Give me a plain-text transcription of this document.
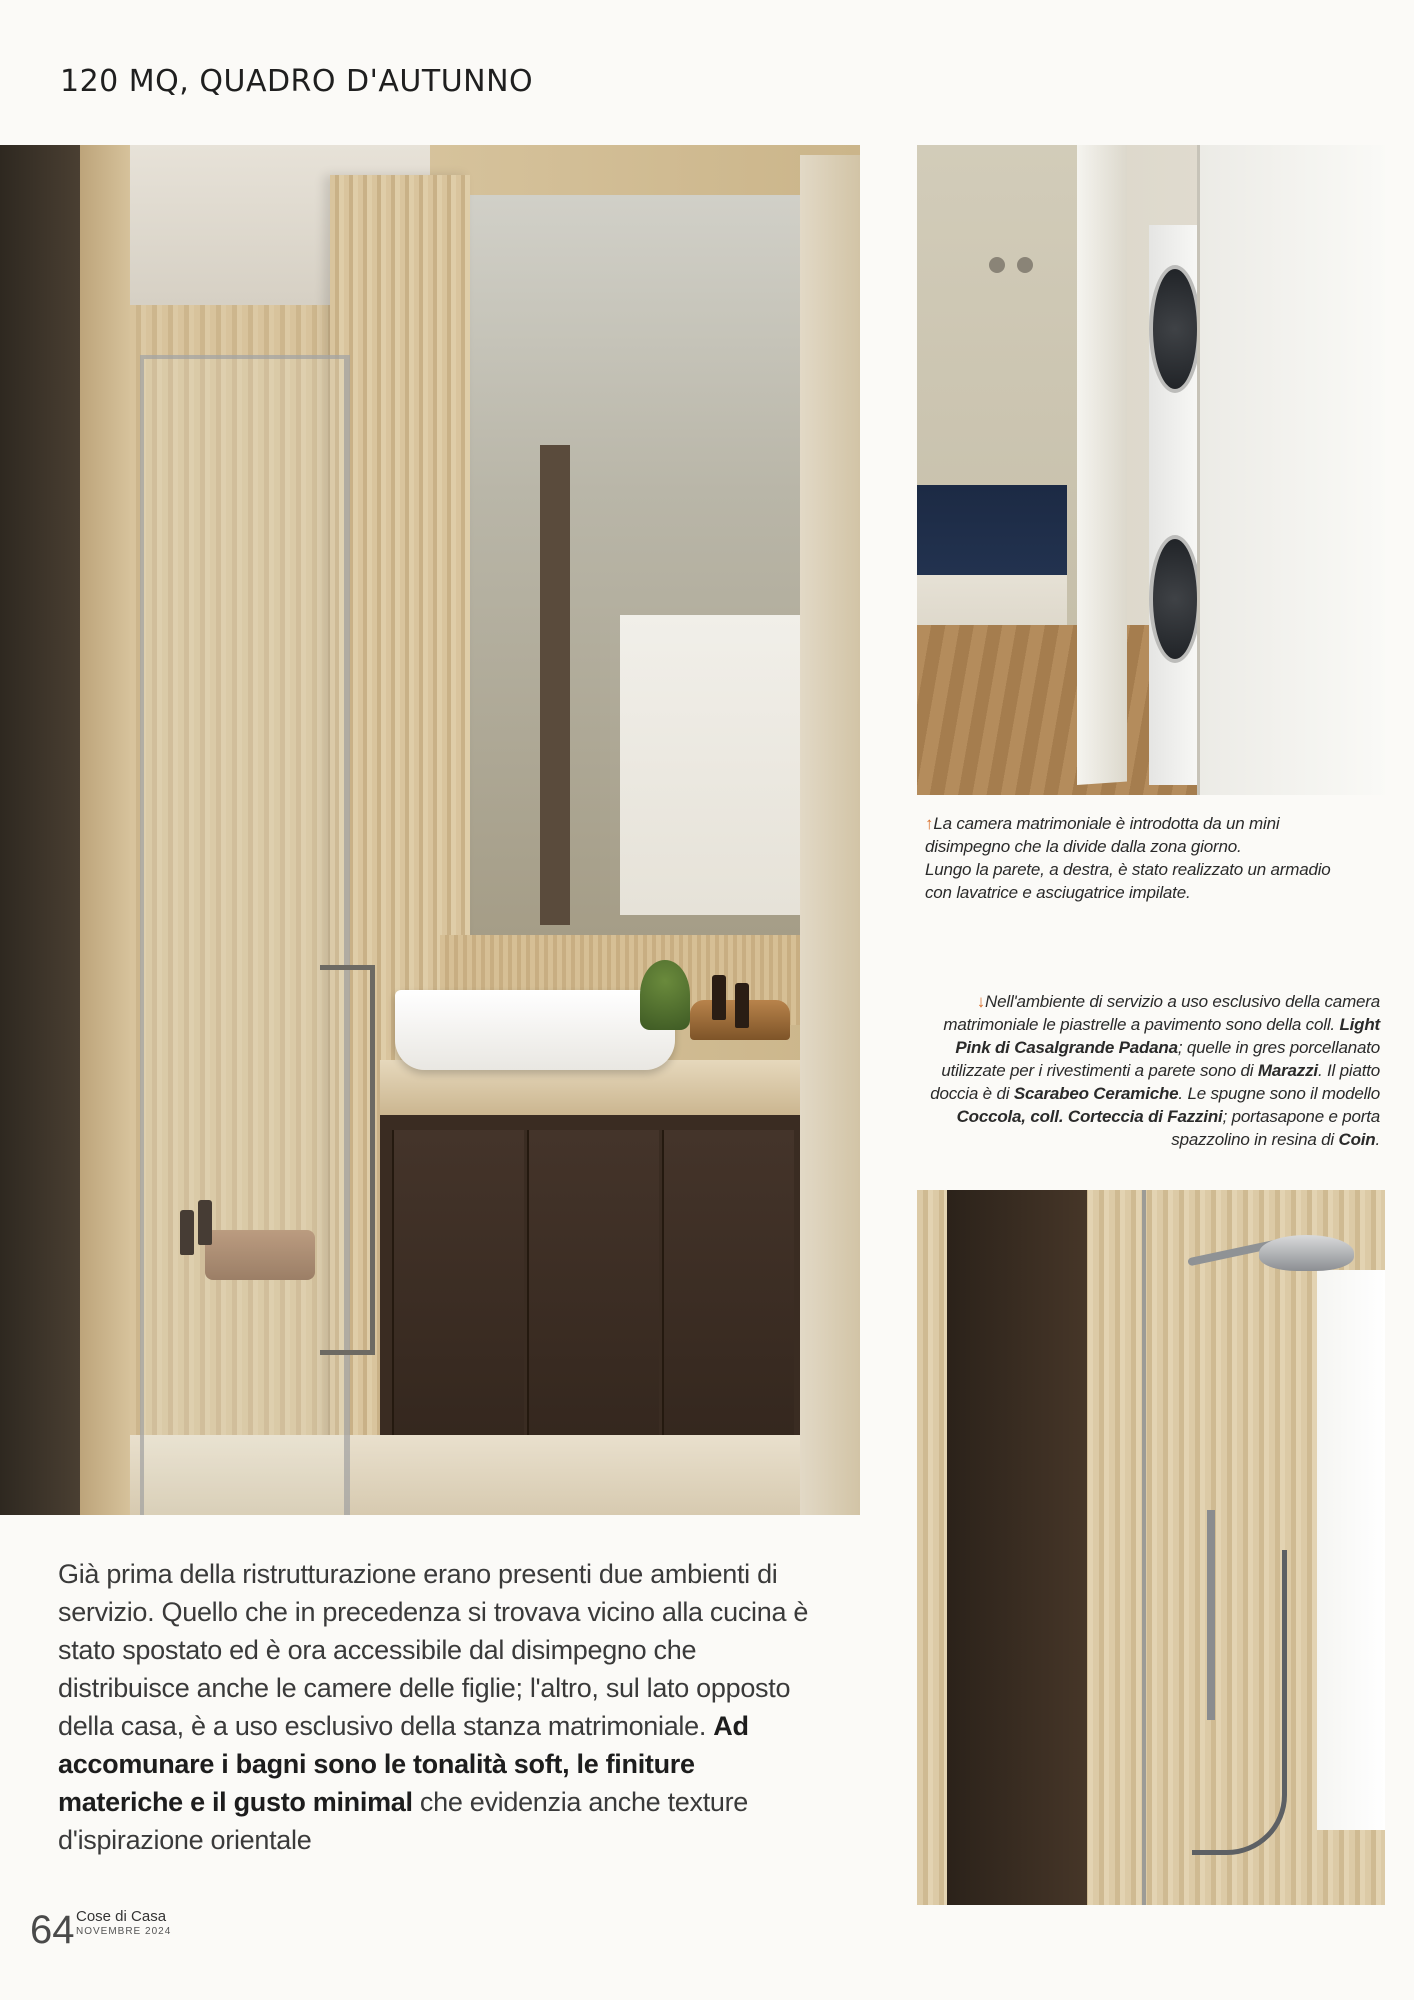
120 MQ, QUADRO D'AUTUNNO
↑La camera matrimoniale è introdotta da un mini
disimpegno che la divide dalla zona giorno.
Lungo la parete, a destra, è stato realizzato un armadio
con lavatrice e asciugatrice impilate.
↓Nell'ambiente di servizio a uso esclusivo della camera matrimoniale le piastrelle a pavimento sono della coll. Light Pink di Casalgrande Padana; quelle in gres porcellanato utilizzate per i rivestimenti a parete sono di Marazzi. Il piatto doccia è di Scarabeo Ceramiche. Le spugne sono il modello Coccola, coll. Corteccia di Fazzini; portasapone e porta spazzolino in resina di Coin.
Già prima della ristrutturazione erano presenti due ambienti di servizio. Quello che in precedenza si trovava vicino alla cucina è stato spostato ed è ora accessibile dal disimpegno che distribuisce anche le camere delle figlie; l'altro, sul lato opposto della casa, è a uso esclusivo della stanza matrimoniale. Ad accomunare i bagni sono le tonalità soft, le finiture materiche e il gusto minimal che evidenzia anche texture d'ispirazione orientale
64 Cose di Casa
NOVEMBRE 2024
